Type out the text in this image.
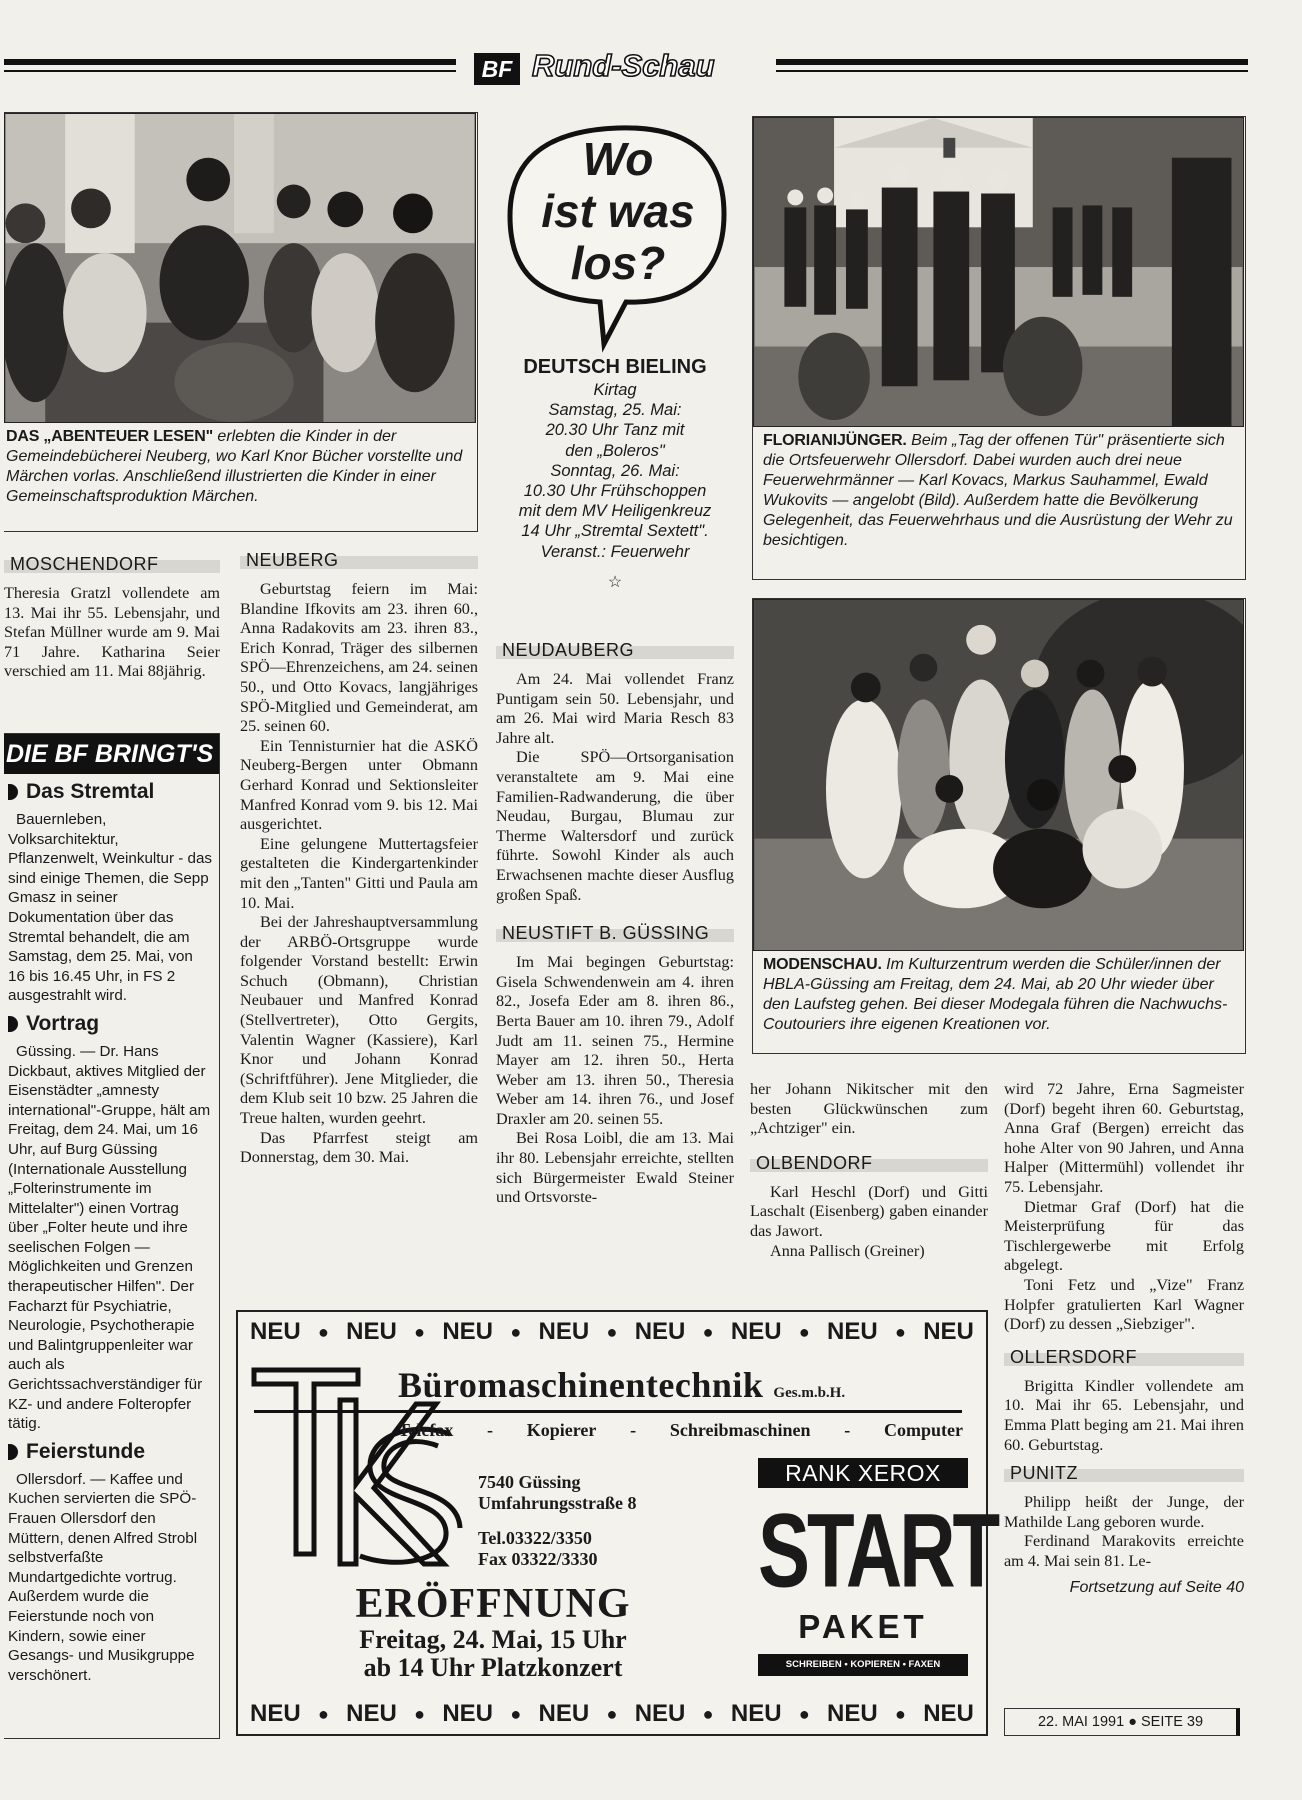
BF Rund-Schau
DAS „ABENTEUER LESEN" erlebten die Kinder in der Gemeindebücherei Neuberg, wo Karl Knor Bücher vorstellte und Märchen vorlas. Anschließend illustrierten die Kinder in einer Gemeinschaftsproduktion Märchen.
Wo
ist was
los?
DEUTSCH BIELING
Kirtag
Samstag, 25. Mai:
20.30 Uhr Tanz mit
den „Boleros"
Sonntag, 26. Mai:
10.30 Uhr Frühschoppen
mit dem MV Heiligenkreuz
14 Uhr „Stremtal Sextett".
Veranst.: Feuerwehr
☆
FLORIANIJÜNGER. Beim „Tag der offenen Tür" präsentierte sich die Ortsfeuerwehr Ollersdorf. Dabei wurden auch drei neue Feuerwehrmänner — Karl Kovacs, Markus Sauhammel, Ewald Wukovits — angelobt (Bild). Außerdem hatte die Bevölkerung Gelegenheit, das Feuerwehrhaus und die Ausrüstung der Wehr zu besichtigen.
MODENSCHAU. Im Kulturzentrum werden die Schüler/innen der HBLA-Güssing am Freitag, dem 24. Mai, ab 20 Uhr wieder über den Laufsteg gehen. Bei dieser Modegala führen die Nachwuchs-Coutouriers ihre eigenen Kreationen vor.
MOSCHENDORF

Theresia Gratzl vollendete am 13. Mai ihr 55. Lebensjahr, und Stefan Müllner wurde am 9. Mai 71 Jahre. Katharina Seier verschied am 11. Mai 88jährig.

DIE BF BRINGT'S
Das Stremtal

Bauernleben, Volksarchitektur, Pflanzenwelt, Weinkultur - das sind einige Themen, die Sepp Gmasz in seiner Dokumentation über das Stremtal behandelt, die am Samstag, dem 25. Mai, von 16 bis 16.45 Uhr, in FS 2 ausgestrahlt wird.

Vortrag

Güssing. — Dr. Hans Dickbaut, aktives Mitglied der Eisenstädter „amnesty international"-Gruppe, hält am Freitag, dem 24. Mai, um 16 Uhr, auf Burg Güssing (Internationale Ausstellung „Folterinstrumente im Mittelalter") einen Vortrag über „Folter heute und ihre seelischen Folgen — Möglichkeiten und Grenzen therapeutischer Hilfen". Der Facharzt für Psychiatrie, Neurologie, Psychotherapie und Balintgruppenleiter war auch als Gerichtssachverständiger für KZ- und andere Folteropfer tätig.

Feierstunde

Ollersdorf. — Kaffee und Kuchen servierten die SPÖ-Frauen Ollersdorf den Müttern, denen Alfred Strobl selbstverfaßte Mundartgedichte vortrug. Außerdem wurde die Feierstunde noch von Kindern, sowie einer Gesangs- und Musikgruppe verschönert.

NEUBERG

Geburtstag feiern im Mai: Blandine Ifkovits am 23. ihren 60., Anna Radakovits am 23. ihren 83., Erich Konrad, Träger des silbernen SPÖ—Ehrenzeichens, am 24. seinen 50., und Otto Kovacs, langjähriges SPÖ-Mitglied und Gemeinderat, am 25. seinen 60.

Ein Tennisturnier hat die ASKÖ Neuberg-Bergen unter Obmann Gerhard Konrad und Sektionsleiter Manfred Konrad vom 9. bis 12. Mai ausgerichtet.

Eine gelungene Muttertagsfeier gestalteten die Kindergartenkinder mit den „Tanten" Gitti und Paula am 10. Mai.

Bei der Jahreshauptversammlung der ARBÖ-Ortsgruppe wurde folgender Vorstand bestellt: Erwin Schuch (Obmann), Christian Neubauer und Manfred Konrad (Stellvertreter), Otto Gergits, Valentin Wagner (Kassiere), Karl Knor und Johann Konrad (Schriftführer). Jene Mitglieder, die dem Klub seit 10 bzw. 25 Jahren die Treue halten, wurden geehrt.

Das Pfarrfest steigt am Donnerstag, dem 30. Mai.

NEUDAUBERG

Am 24. Mai vollendet Franz Puntigam sein 50. Lebensjahr, und am 26. Mai wird Maria Resch 83 Jahre alt.

Die SPÖ—Ortsorganisation veranstaltete am 9. Mai eine Familien-Radwanderung, die über Neudau, Burgau, Blumau zur Therme Waltersdorf und zurück führte. Sowohl Kinder als auch Erwachsenen machte dieser Ausflug großen Spaß.

NEUSTIFT B. GÜSSING

Im Mai begingen Geburtstag: Gisela Schwendenwein am 4. ihren 82., Josefa Eder am 8. ihren 86., Berta Bauer am 10. ihren 79., Adolf Judt am 11. seinen 75., Hermine Mayer am 12. ihren 50., Herta Weber am 13. ihren 50., Theresia Weber am 14. ihren 76., und Josef Draxler am 20. seinen 55.

Bei Rosa Loibl, die am 13. Mai ihr 80. Lebensjahr erreichte, stellten sich Bürgermeister Ewald Steiner und Ortsvorste-

her Johann Nikitscher mit den besten Glückwünschen zum „Achtziger" ein.

OLBENDORF

Karl Heschl (Dorf) und Gitti Laschalt (Eisenberg) gaben einander das Jawort.

Anna Pallisch (Greiner)

wird 72 Jahre, Erna Sagmeister (Dorf) begeht ihren 60. Geburtstag, Anna Graf (Bergen) erreicht das hohe Alter von 90 Jahren, und Anna Halper (Mittermühl) vollendet ihr 75. Lebensjahr.

Dietmar Graf (Dorf) hat die Meisterprüfung für das Tischlergewerbe mit Erfolg abgelegt.

Toni Fetz und „Vize" Franz Holpfer gratulierten Karl Wagner (Dorf) zu dessen „Siebziger".

OLLERSDORF

Brigitta Kindler vollendete am 10. Mai ihr 65. Lebensjahr, und Emma Platt beging am 21. Mai ihren 60. Geburtstag.

PUNITZ

Philipp heißt der Junge, der Mathilde Lang geboren wurde.

Ferdinand Marakovits erreichte am 4. Mai sein 81. Le-

Fortsetzung auf Seite 40

22. MAI 1991 ● SEITE 39
NEU ● NEU ● NEU ● NEU ● NEU ● NEU ● NEU ● NEU
NEU ● NEU ● NEU ● NEU ● NEU ● NEU ● NEU ● NEU
Büromaschinentechnik Ges.m.b.H.
Telefax - Kopierer - Schreibmaschinen - Computer
7540 Güssing
Umfahrungsstraße 8
Tel.03322/3350
Fax 03322/3330
RANK XEROX
START
PAKET
SCHREIBEN • KOPIEREN • FAXEN
ERÖFFNUNG
Freitag, 24. Mai, 15 Uhr
ab 14 Uhr Platzkonzert
